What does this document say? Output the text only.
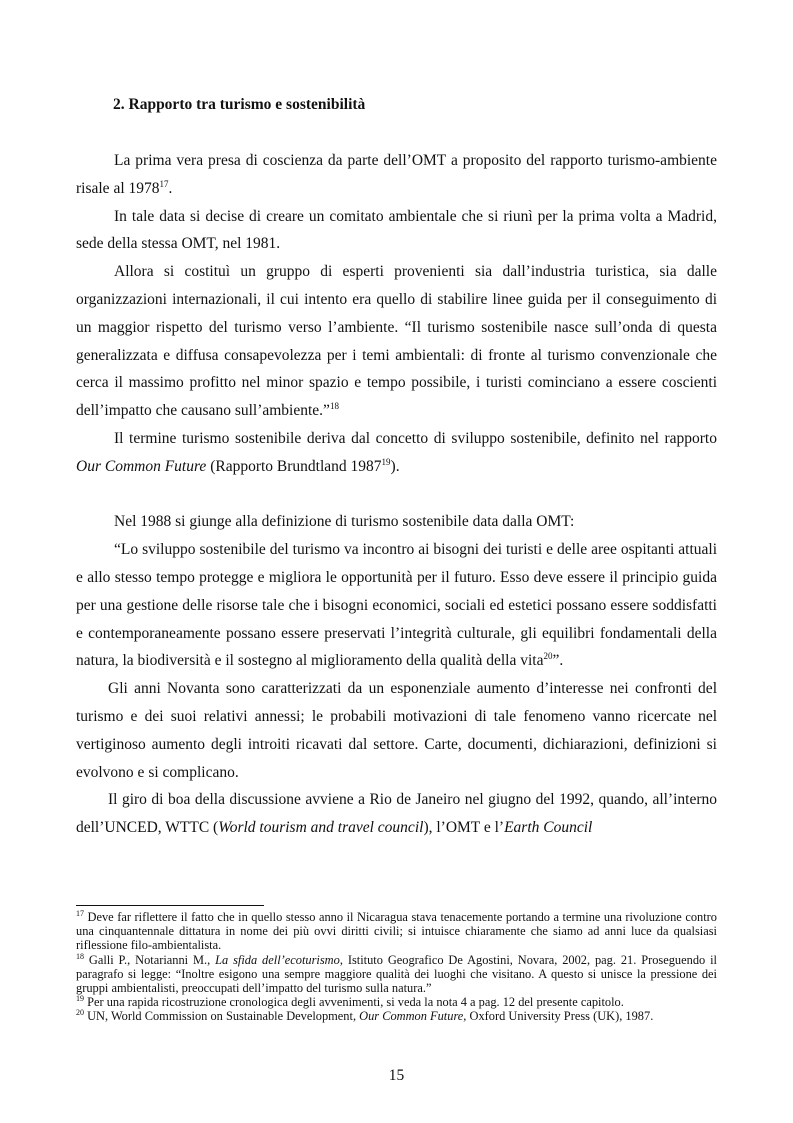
2. Rapporto tra turismo e sostenibilità

La prima vera presa di coscienza da parte dell’OMT a proposito del rapporto turismo-ambiente risale al 1978$^{17}$.

In tale data si decise di creare un comitato ambientale che si riunì per la prima volta a Madrid, sede della stessa OMT, nel 1981.

Allora si costituì un gruppo di esperti provenienti sia dall’industria turistica, sia dalle organizzazioni internazionali, il cui intento era quello di stabilire linee guida per il conseguimento di un maggior rispetto del turismo verso l’ambiente. “Il turismo sostenibile nasce sull’onda di questa generalizzata e diffusa consapevolezza per i temi ambientali: di fronte al turismo convenzionale che cerca il massimo profitto nel minor spazio e tempo possibile, i turisti cominciano a essere coscienti dell’impatto che causano sull’ambiente.”$^{18}$

Il termine turismo sostenibile deriva dal concetto di sviluppo sostenibile, definito nel rapporto Our Common Future (Rapporto Brundtland 1987$^{19}$).

Nel 1988 si giunge alla definizione di turismo sostenibile data dalla OMT:

“Lo sviluppo sostenibile del turismo va incontro ai bisogni dei turisti e delle aree ospitanti attuali e allo stesso tempo protegge e migliora le opportunità per il futuro. Esso deve essere il principio guida per una gestione delle risorse tale che i bisogni economici, sociali ed estetici possano essere soddisfatti e contemporaneamente possano essere preservati l’integrità culturale, gli equilibri fondamentali della natura, la biodiversità e il sostegno al miglioramento della qualità della vita$^{20}$”.

Gli anni Novanta sono caratterizzati da un esponenziale aumento d’interesse nei confronti del turismo e dei suoi relativi annessi; le probabili motivazioni di tale fenomeno vanno ricercate nel vertiginoso aumento degli introiti ricavati dal settore. Carte, documenti, dichiarazioni, definizioni si evolvono e si complicano.

Il giro di boa della discussione avviene a Rio de Janeiro nel giugno del 1992, quando, all’interno dell’UNCED, WTTC (World tourism and travel council), l’OMT e l’Earth Council

$^{17}$ Deve far riflettere il fatto che in quello stesso anno il Nicaragua stava tenacemente portando a termine una rivoluzione contro una cinquantennale dittatura in nome dei più ovvi diritti civili; si intuisce chiaramente che siamo ad anni luce da qualsiasi riflessione filo-ambientalista.

$^{18}$ Galli P., Notarianni M., La sfida dell’ecoturismo, Istituto Geografico De Agostini, Novara, 2002, pag. 21. Proseguendo il paragrafo si legge: “Inoltre esigono una sempre maggiore qualità dei luoghi che visitano. A questo si unisce la pressione dei gruppi ambientalisti, preoccupati dell’impatto del turismo sulla natura.”

$^{19}$ Per una rapida ricostruzione cronologica degli avvenimenti, si veda la nota 4 a pag. 12 del presente capitolo.

$^{20}$ UN, World Commission on Sustainable Development, Our Common Future, Oxford University Press (UK), 1987.

15
